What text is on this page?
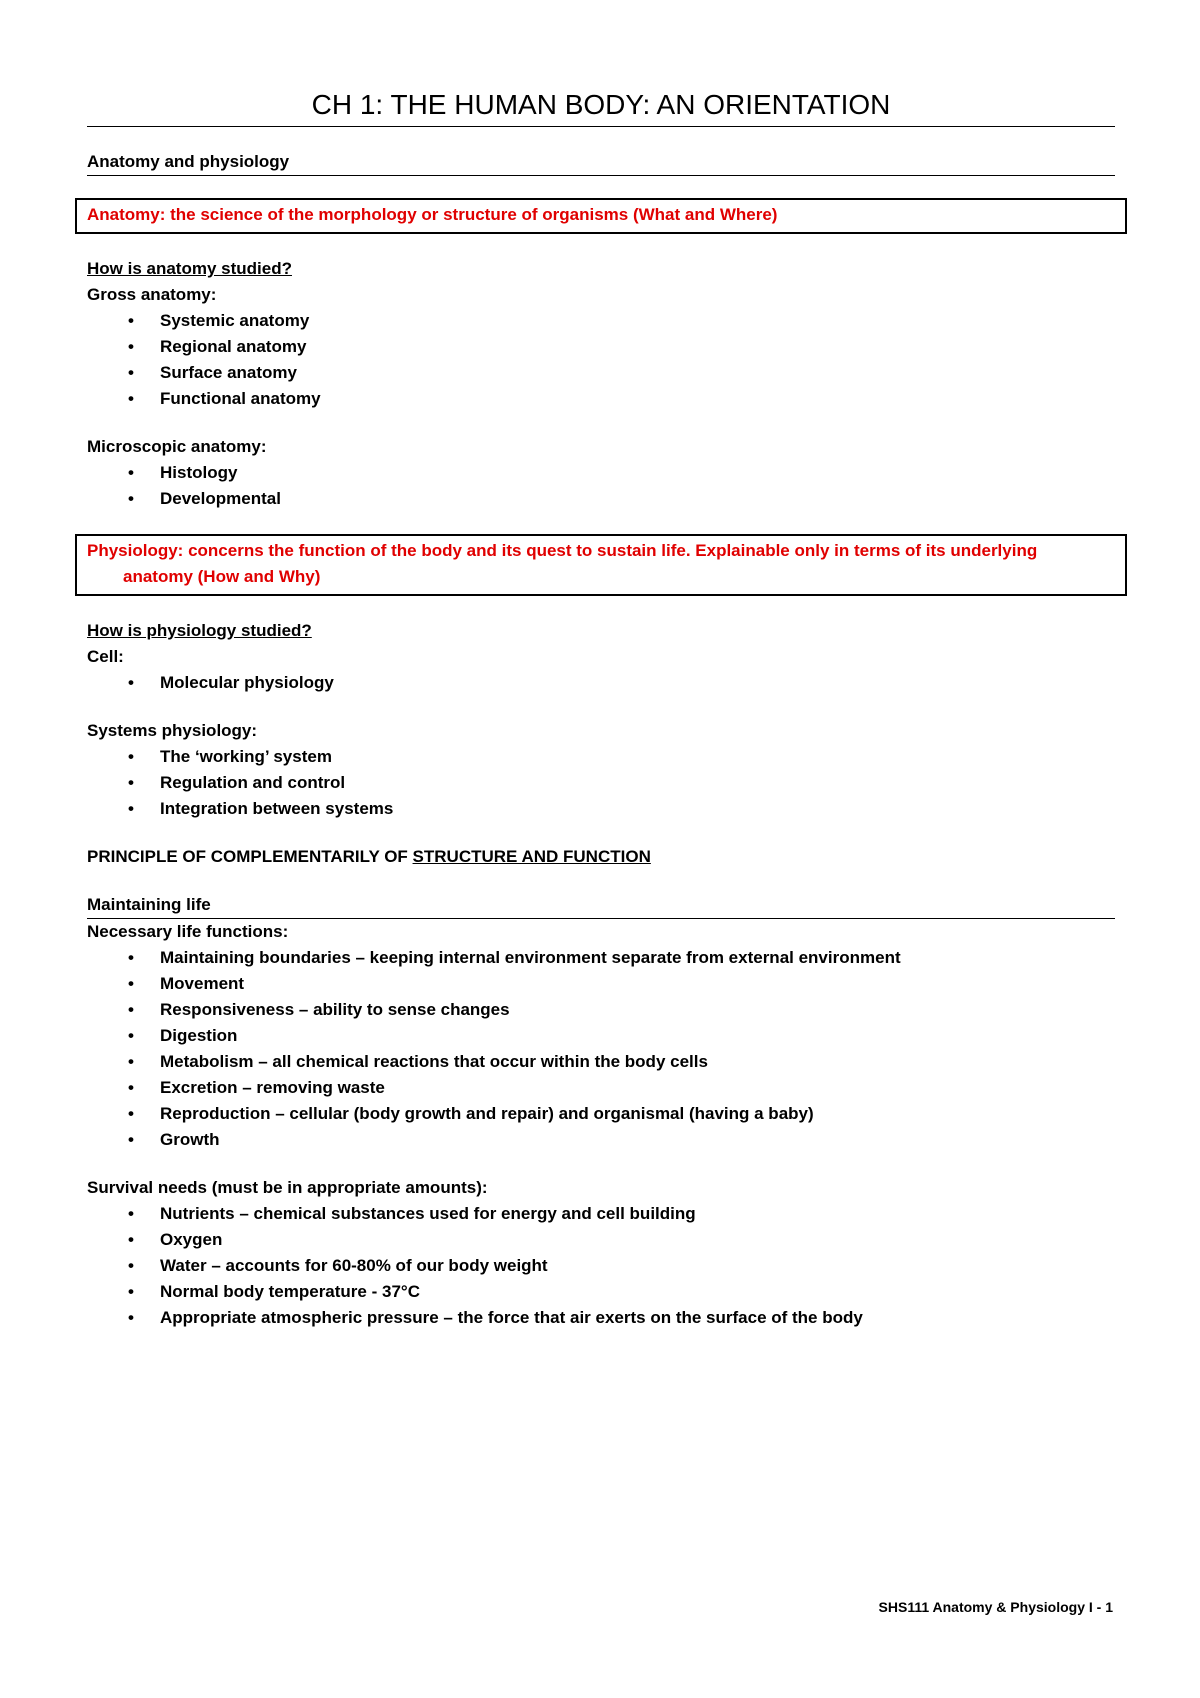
CH 1: THE HUMAN BODY: AN ORIENTATION
Anatomy and physiology
Anatomy: the science of the morphology or structure of organisms (What and Where)
How is anatomy studied?
Gross anatomy:
• Systemic anatomy
• Regional anatomy
• Surface anatomy
• Functional anatomy
Microscopic anatomy:
• Histology
• Developmental
Physiology: concerns the function of the body and its quest to sustain life. Explainable only in terms of its underlying
anatomy (How and Why)
How is physiology studied?
Cell:
• Molecular physiology
Systems physiology:
• The ‘working’ system
• Regulation and control
• Integration between systems
PRINCIPLE OF COMPLEMENTARILY OF STRUCTURE AND FUNCTION
Maintaining life
Necessary life functions:
• Maintaining boundaries – keeping internal environment separate from external environment
• Movement
• Responsiveness – ability to sense changes
• Digestion
• Metabolism – all chemical reactions that occur within the body cells
• Excretion – removing waste
• Reproduction – cellular (body growth and repair) and organismal (having a baby)
• Growth
Survival needs (must be in appropriate amounts):
• Nutrients – chemical substances used for energy and cell building
• Oxygen
• Water – accounts for 60-80% of our body weight
• Normal body temperature - 37°C
• Appropriate atmospheric pressure – the force that air exerts on the surface of the body
SHS111 Anatomy & Physiology I - 1
